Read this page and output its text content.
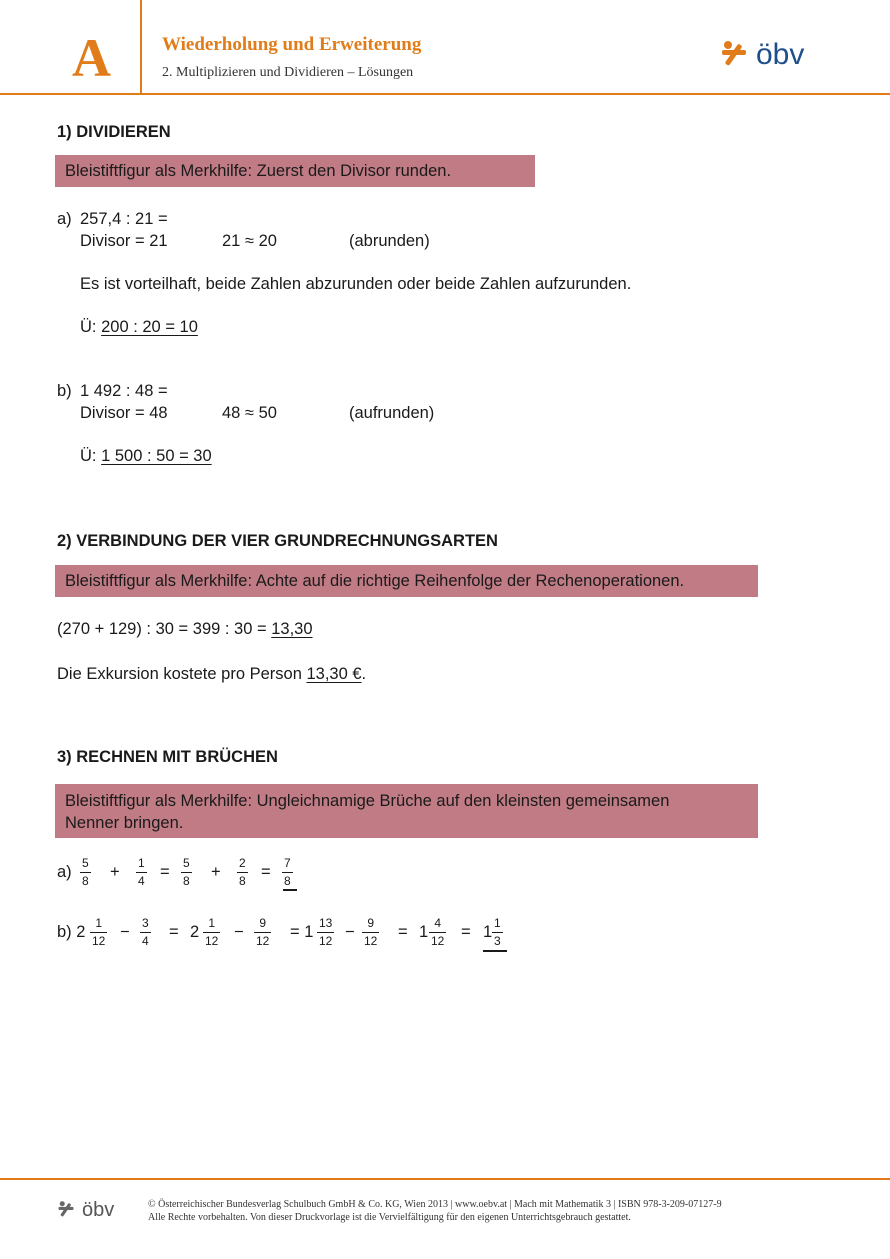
A	Wiederholung und Erweiterung
2. Multiplizieren und Dividieren – Lösungen
öbv
1) DIVIDIEREN
Bleistiftfigur als Merkhilfe: Zuerst den Divisor runden.
a) 257,4 : 21 =
Divisor = 21	21 ≈ 20	(abrunden)
Es ist vorteilhaft, beide Zahlen abzurunden oder beide Zahlen aufzurunden.
Ü: 200 : 20 = 10
b) 1 492 : 48 =
Divisor = 48	48 ≈ 50	(aufrunden)
Ü: 1 500 : 50 = 30
2) VERBINDUNG DER VIER GRUNDRECHNUNGSARTEN
Bleistiftfigur als Merkhilfe: Achte auf die richtige Reihenfolge der Rechenoperationen.
(270 + 129) : 30 = 399 : 30 = 13,30
Die Exkursion kostete pro Person 13,30 €.
3) RECHNEN MIT BRÜCHEN
Bleistiftfigur als Merkhilfe: Ungleichnamige Brüche auf den kleinsten gemeinsamen
Nenner bringen.
a) 5
8 + 1
4 = 5
8 + 2
8 = 7
8
b) 2 1
12 − 3
4 = 2 1
12 − 9
12 = 1 13
12 − 9
12 = 1 4
12 = 1 1
3
öbv	© Österreichischer Bundesverlag Schulbuch GmbH & Co. KG, Wien 2013 | www.oebv.at | Mach mit Mathematik 3 | ISBN 978-3-209-07127-9
Alle Rechte vorbehalten. Von dieser Druckvorlage ist die Vervielfältigung für den eigenen Unterrichtsgebrauch gestattet.
